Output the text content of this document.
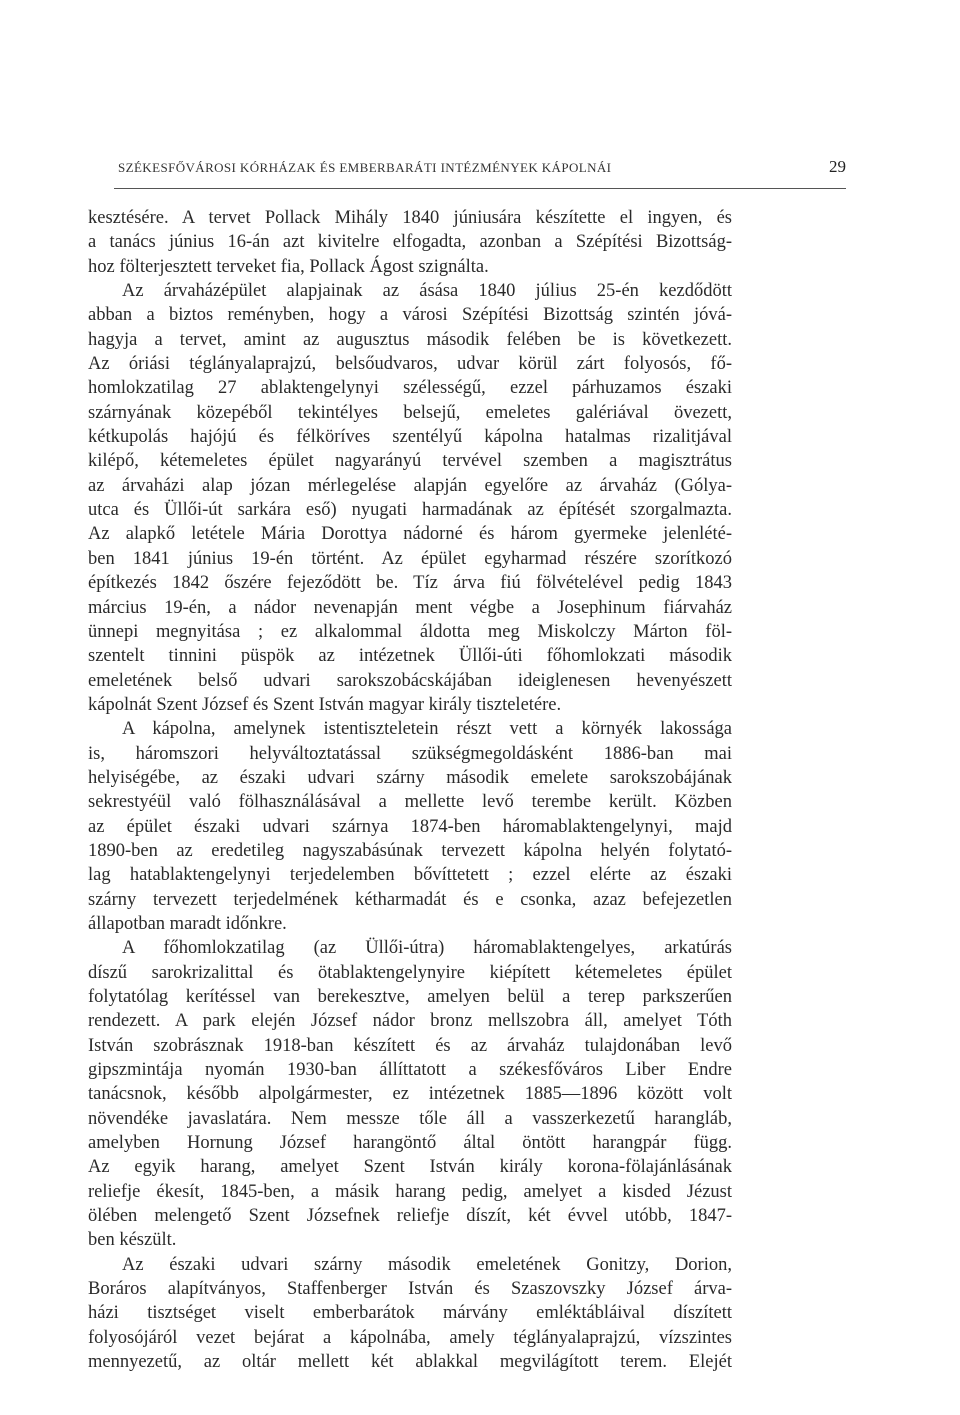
SZÉKESFŐVÁROSI KÓRHÁZAK ÉS EMBERBARÁTI INTÉZMÉNYEK KÁPOLNÁI	29
kesztésére. A tervet Pollack Mihály 1840 júniusára készítette el ingyen, és
a tanács június 16-án azt kivitelre elfogadta, azonban a Szépítési Bizottság-
hoz fölterjesztett terveket fia, Pollack Ágost szignálta.
Az árvaházépület alapjainak az ásása 1840 július 25-én kezdődött
abban a biztos reményben, hogy a városi Szépítési Bizottság szintén jóvá-
hagyja a tervet, amint az augusztus második felében be is következett.
Az óriási téglányalaprajzú, belsőudvaros, udvar körül zárt folyosós, fő-
homlokzatilag 27 ablaktengelynyi szélességű, ezzel párhuzamos északi
szárnyának közepéből tekintélyes belsejű, emeletes galériával övezett,
kétkupolás hajójú és félköríves szentélyű kápolna hatalmas rizalitjával
kilépő, kétemeletes épület nagyarányú tervével szemben a magisztrátus
az árvaházi alap józan mérlegelése alapján egyelőre az árvaház (Gólya-
utca és Üllői-út sarkára eső) nyugati harmadának az építését szorgalmazta.
Az alapkő letétele Mária Dorottya nádorné és három gyermeke jelenlété-
ben 1841 június 19-én történt. Az épület egyharmad részére szorítkozó
építkezés 1842 őszére fejeződött be. Tíz árva fiú fölvételével pedig 1843
március 19-én, a nádor nevenapján ment végbe a Josephinum fiárvaház
ünnepi megnyitása ; ez alkalommal áldotta meg Miskolczy Márton föl-
szentelt tinnini püspök az intézetnek Üllői-úti főhomlokzati második
emeletének belső udvari sarokszobácskájában ideiglenesen hevenyészett
kápolnát Szent József és Szent István magyar király tiszteletére.
A kápolna, amelynek istentiszteletein részt vett a környék lakossága
is, háromszori helyváltoztatással szükségmegoldásként 1886-ban mai
helyiségébe, az északi udvari szárny második emelete sarokszobájának
sekrestyéül való fölhasználásával a mellette levő terembe került. Közben
az épület északi udvari szárnya 1874-ben háromablaktengelynyi, majd
1890-ben az eredetileg nagyszabásúnak tervezett kápolna helyén folytató-
lag hatablaktengelynyi terjedelemben bővíttetett ; ezzel elérte az északi
szárny tervezett terjedelmének kétharmadát és e csonka, azaz befejezetlen
állapotban maradt időnkre.
A főhomlokzatilag (az Üllői-útra) háromablaktengelyes, arkatúrás
díszű sarokrizalittal és ötablaktengelynyire kiépített kétemeletes épület
folytatólag kerítéssel van berekesztve, amelyen belül a terep parkszerűen
rendezett. A park elején József nádor bronz mellszobra áll, amelyet Tóth
István szobrásznak 1918-ban készített és az árvaház tulajdonában levő
gipszmintája nyomán 1930-ban állíttatott a székesfőváros Liber Endre
tanácsnok, később alpolgármester, ez intézetnek 1885—1896 között volt
növendéke javaslatára. Nem messze tőle áll a vasszerkezetű harangláb,
amelyben Hornung József harangöntő által öntött harangpár függ.
Az egyik harang, amelyet Szent István király korona-fölajánlásának
reliefje ékesít, 1845-ben, a másik harang pedig, amelyet a kisded Jézust
ölében melengető Szent Józsefnek reliefje díszít, két évvel utóbb, 1847-
ben készült.
Az északi udvari szárny második emeletének Gonitzy, Dorion,
Boráros alapítványos, Staffenberger István és Szaszovszky József árva-
házi tisztséget viselt emberbarátok márvány emléktábláival díszített
folyosójáról vezet bejárat a kápolnába, amely téglányalaprajzú, vízszintes
mennyezetű, az oltár mellett két ablakkal megvilágított terem. Elejét
